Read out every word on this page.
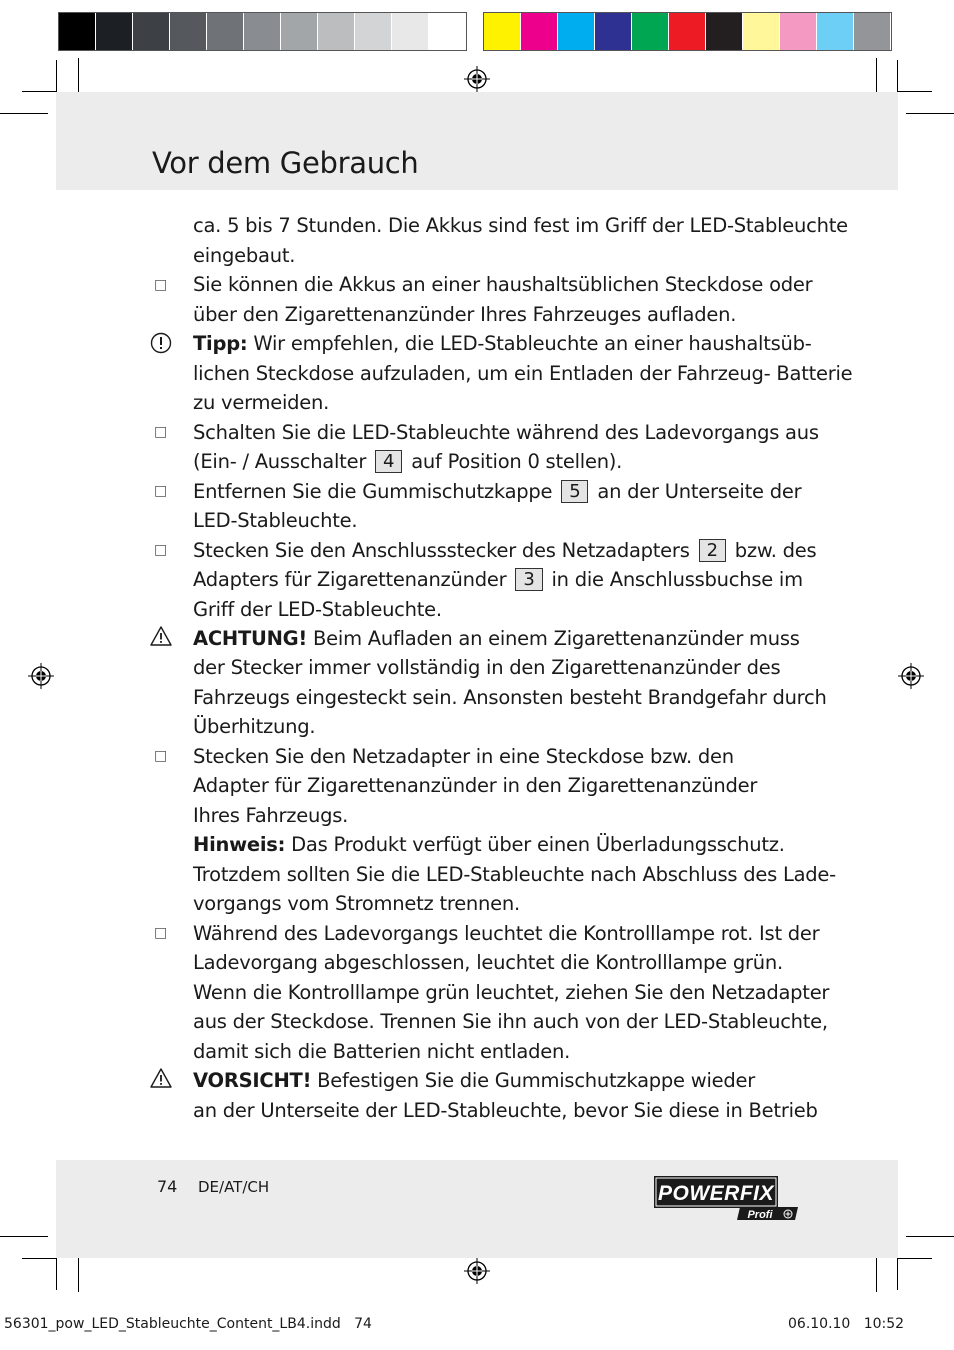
Vor dem Gebrauch
ca. 5 bis 7 Stunden. Die Akkus sind fest im Griff der LED-Stableuchte
eingebaut.
□ Sie können die Akkus an einer haushaltsüblichen Steckdose oder
über den Zigarettenanzünder Ihres Fahrzeuges aufladen.
Tipp: Wir empfehlen, die LED-Stableuchte an einer haushaltsüb-
lichen Steckdose aufzuladen, um ein Entladen der Fahrzeug- Batterie
zu vermeiden.
□ Schalten Sie die LED-Stableuchte während des Ladevorgangs aus
(Ein- / Ausschalter 4 auf Position 0 stellen).
□ Entfernen Sie die Gummischutzkappe 5 an der Unterseite der
LED-Stableuchte.
□ Stecken Sie den Anschlussstecker des Netzadapters 2 bzw. des
Adapters für Zigarettenanzünder 3 in die Anschlussbuchse im
Griff der LED-Stableuchte.
ACHTUNG! Beim Aufladen an einem Zigarettenanzünder muss
der Stecker immer vollständig in den Zigarettenanzünder des
Fahrzeugs eingesteckt sein. Ansonsten besteht Brandgefahr durch
Überhitzung.
□ Stecken Sie den Netzadapter in eine Steckdose bzw. den
Adapter für Zigarettenanzünder in den Zigarettenanzünder
Ihres Fahrzeugs.
Hinweis: Das Produkt verfügt über einen Überladungsschutz.
Trotzdem sollten Sie die LED-Stableuchte nach Abschluss des Lade-
vorgangs vom Stromnetz trennen.
□ Während des Ladevorgangs leuchtet die Kontrolllampe rot. Ist der
Ladevorgang abgeschlossen, leuchtet die Kontrolllampe grün.
Wenn die Kontrolllampe grün leuchtet, ziehen Sie den Netzadapter
aus der Steckdose. Trennen Sie ihn auch von der LED-Stableuchte,
damit sich die Batterien nicht entladen.
VORSICHT! Befestigen Sie die Gummischutzkappe wieder
an der Unterseite der LED-Stableuchte, bevor Sie diese in Betrieb
74 DE/AT/CH	POWERFIX
Profi
56301_pow_LED_Stableuchte_Content_LB4.indd   74	06.10.10   10:52
